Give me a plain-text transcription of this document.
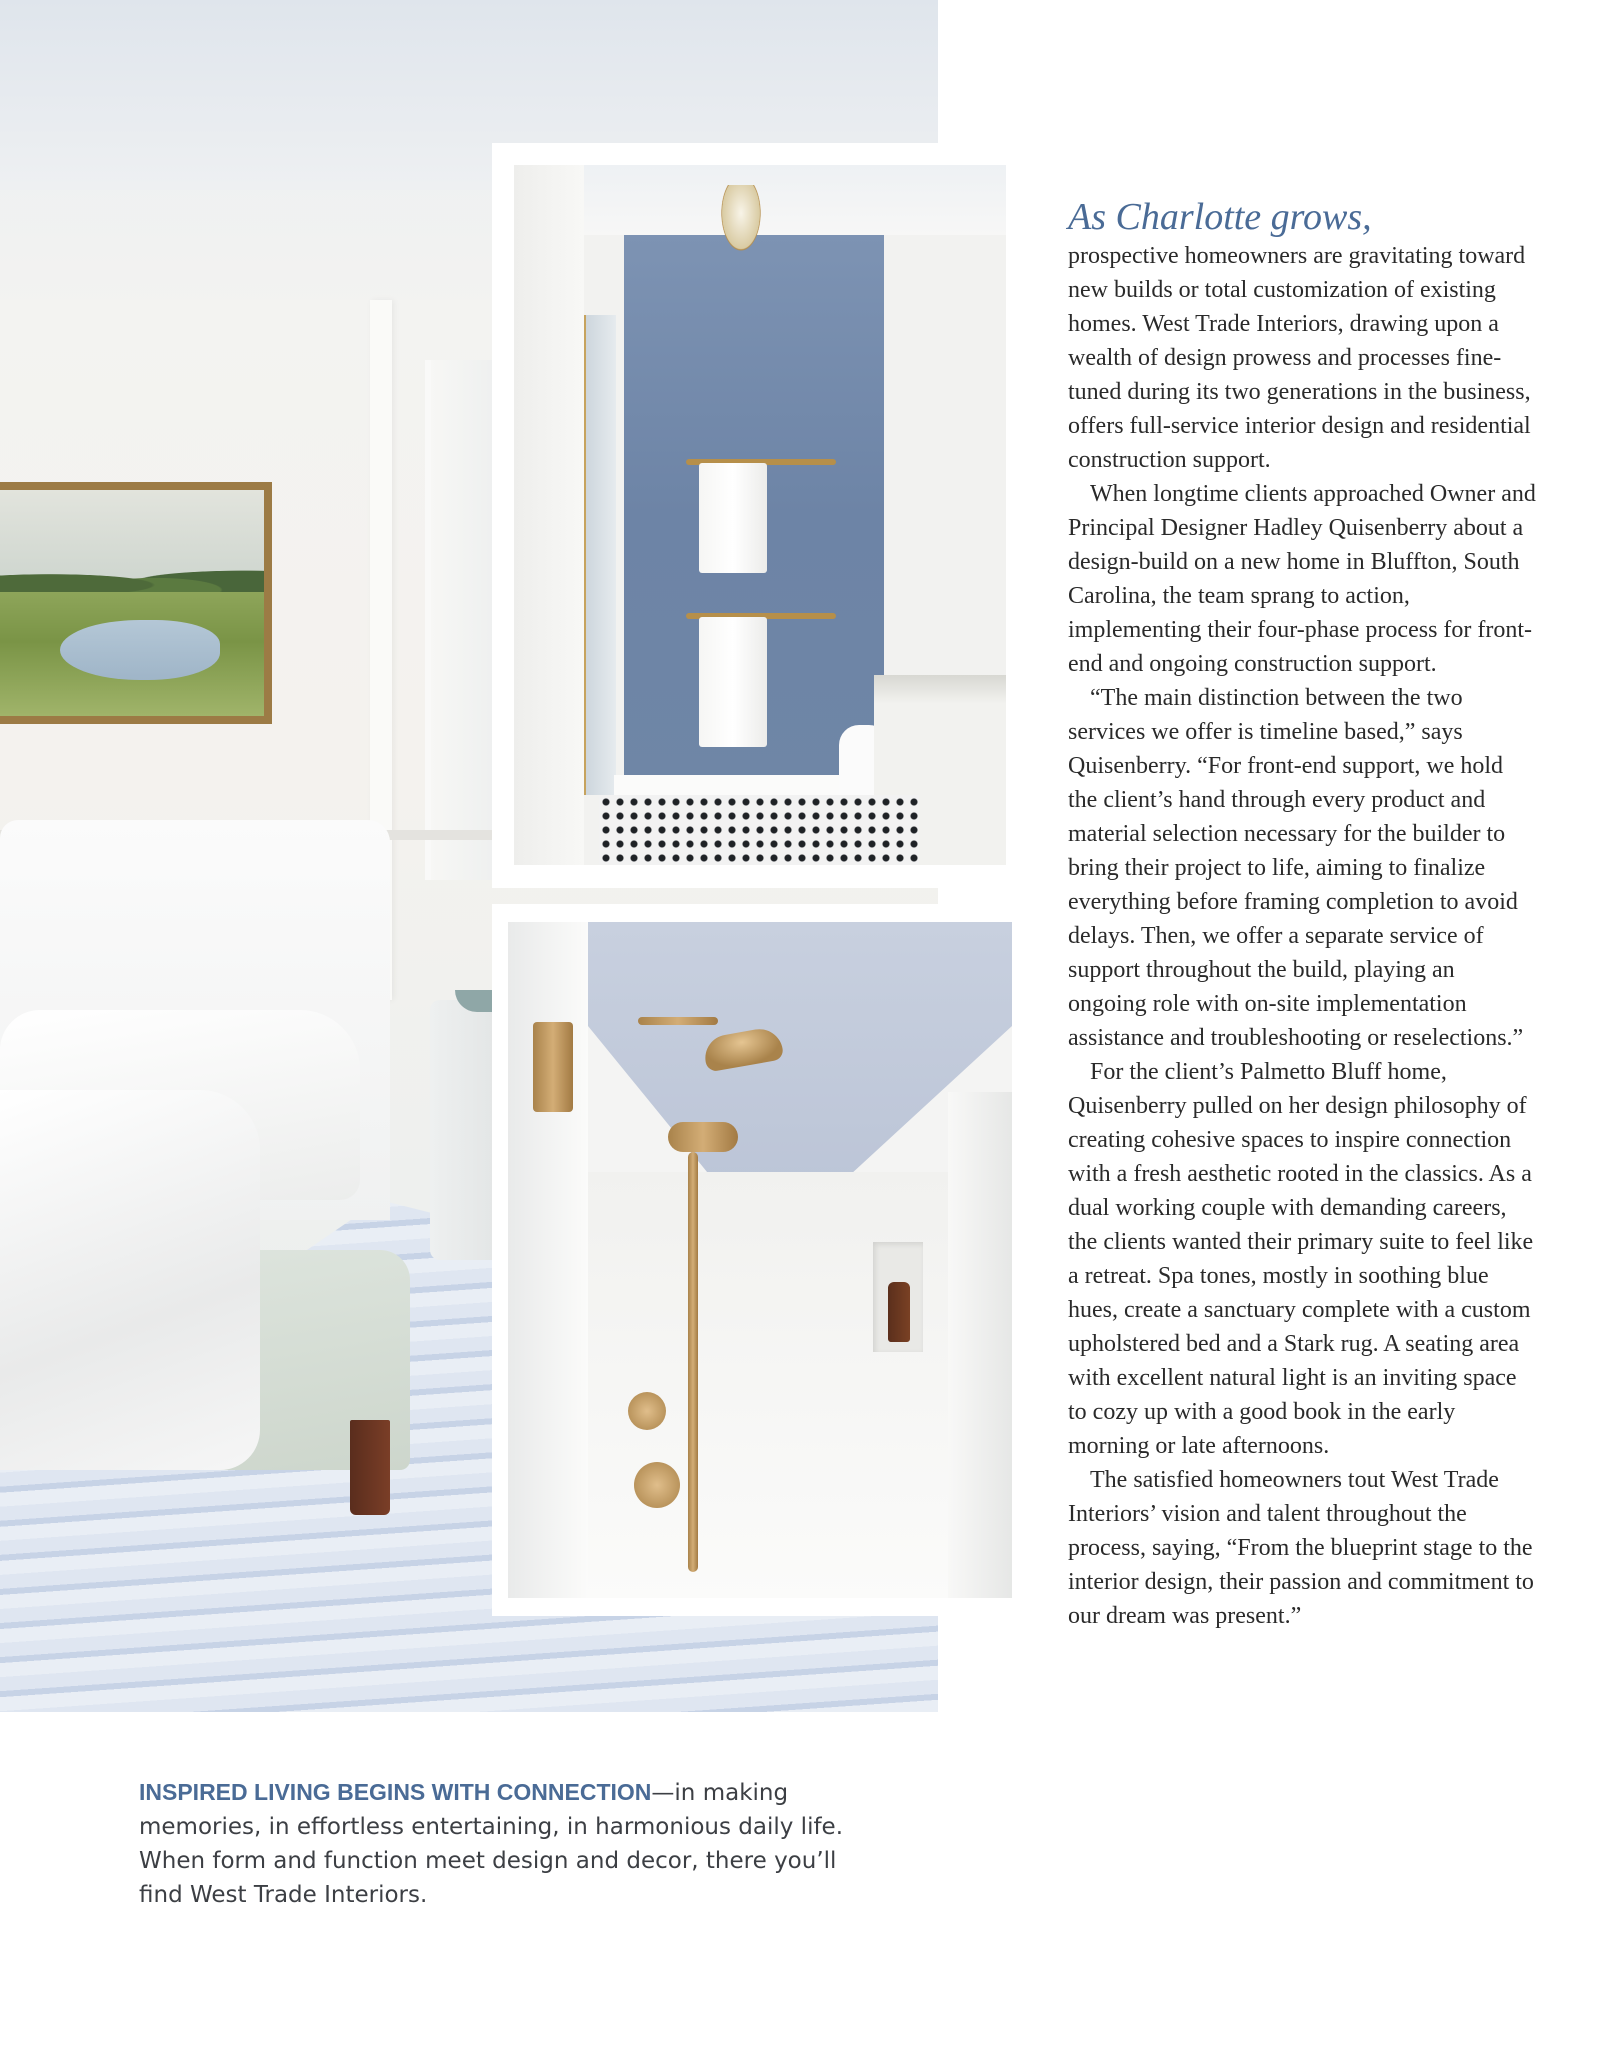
INSPIRED LIVING BEGINS WITH CONNECTION—in making memories, in effortless entertaining, in harmonious daily life. When form and function meet design and decor, there you’ll find West Trade Interiors.
As Charlotte grows,

prospective homeowners are gravitating toward new builds or total customization of existing homes. West Trade Interiors, drawing upon a wealth of design prowess and processes fine-tuned during its two generations in the business, offers full-service interior design and residential construction support.

When longtime clients approached Owner and Principal Designer Hadley Quisenberry about a design-build on a new home in Bluffton, South Carolina, the team sprang to action, implementing their four-phase process for front-end and ongoing construction support.

“The main distinction between the two services we offer is timeline based,” says Quisenberry. “For front-end support, we hold the client’s hand through every product and material selection necessary for the builder to bring their project to life, aiming to finalize everything before framing completion to avoid delays. Then, we offer a separate service of support throughout the build, playing an ongoing role with on-site implementation assistance and troubleshooting or reselections.”

For the client’s Palmetto Bluff home, Quisenberry pulled on her design philosophy of creating cohesive spaces to inspire connection with a fresh aesthetic rooted in the classics. As a dual working couple with demanding careers, the clients wanted their primary suite to feel like a retreat. Spa tones, mostly in soothing blue hues, create a sanctuary complete with a custom upholstered bed and a Stark rug. A seating area with excellent natural light is an inviting space to cozy up with a good book in the early morning or late afternoons.

The satisfied homeowners tout West Trade Interiors’ vision and talent throughout the process, saying, “From the blueprint stage to the interior design, their passion and commitment to our dream was present.”
